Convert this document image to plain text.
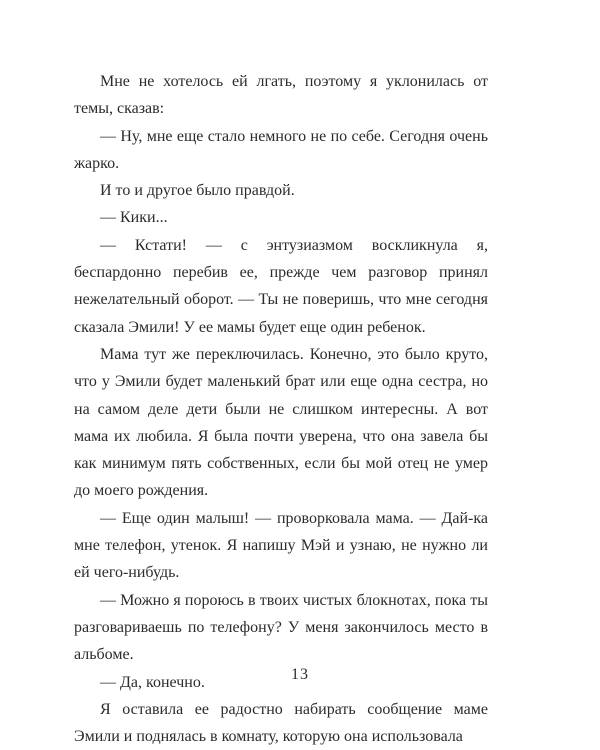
Мне не хотелось ей лгать, поэтому я уклонилась от темы, сказав:

— Ну, мне еще стало немного не по себе. Сегодня очень жарко.

И то и другое было правдой.

— Кики...

— Кстати! — с энтузиазмом воскликнула я, беспардонно перебив ее, прежде чем разговор принял нежелательный оборот. — Ты не поверишь, что мне сегодня сказала Эмили! У ее мамы будет еще один ребенок.

Мама тут же переключилась. Конечно, это было круто, что у Эмили будет маленький брат или еще одна сестра, но на самом деле дети были не слишком интересны. А вот мама их любила. Я была почти уверена, что она завела бы как минимум пять собственных, если бы мой отец не умер до моего рождения.

— Еще один малыш! — проворковала мама. — Дай-ка мне телефон, утенок. Я напишу Мэй и узнаю, не нужно ли ей чего-нибудь.

— Можно я пороюсь в твоих чистых блокнотах, пока ты разговариваешь по телефону? У меня закончилось место в альбоме.

— Да, конечно.

Я оставила ее радостно набирать сообщение маме Эмили и поднялась в комнату, которую она использовала

13
